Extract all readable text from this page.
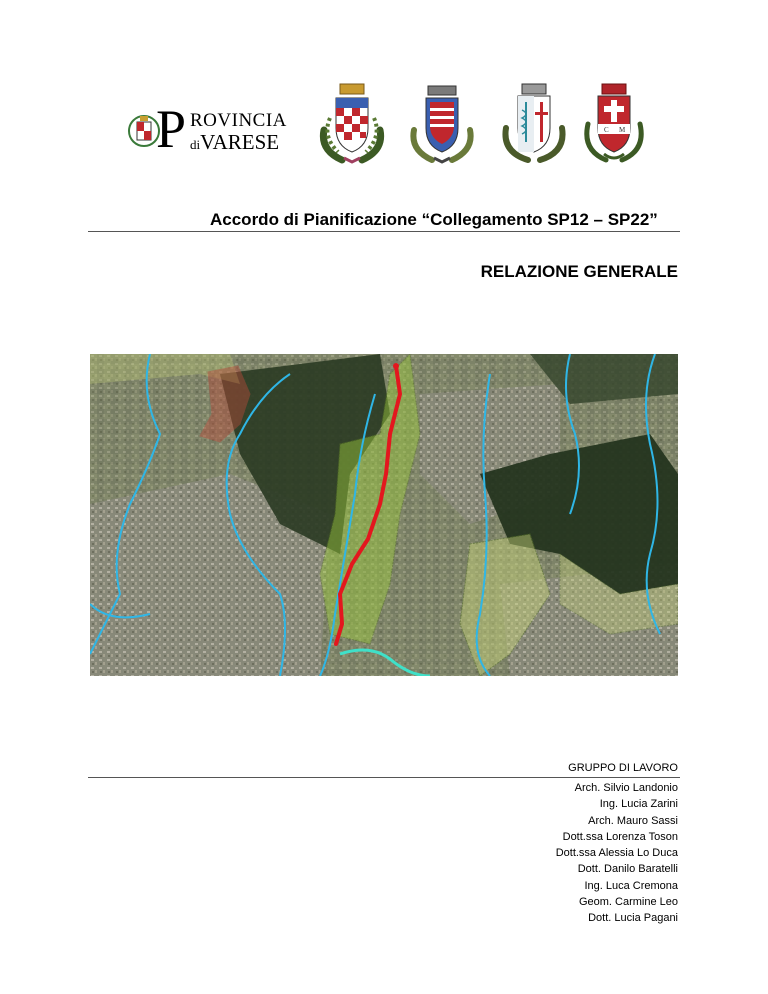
P ROVINCIA
diVARESE	C M
Accordo di Pianificazione “Collegamento SP12 – SP22”
RELAZIONE GENERALE
GRUPPO DI LAVORO
Arch. Silvio Landonio
Ing. Lucia Zarini
Arch. Mauro Sassi
Dott.ssa Lorenza Toson
Dott.ssa Alessia Lo Duca
Dott. Danilo Baratelli
Ing. Luca Cremona
Geom. Carmine Leo
Dott. Lucia Pagani
